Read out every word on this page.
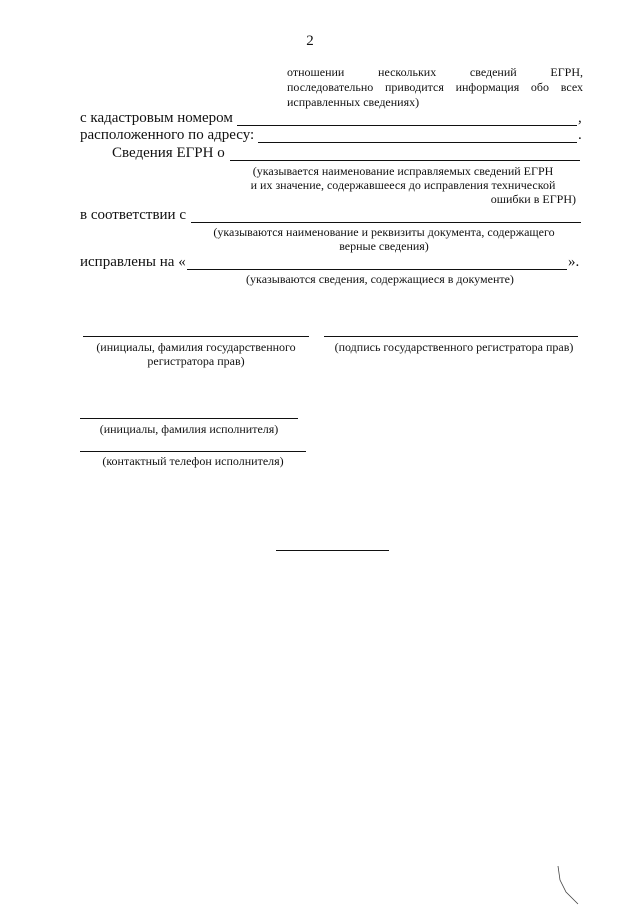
2
отношении нескольких сведений ЕГРН,
последовательно приводится информация обо всех
исправленных сведениях)
с кадастровым номером	,
расположенного по адресу:	.
Сведения ЕГРН о
(указывается наименование исправляемых сведений ЕГРН
и их значение, содержавшееся до исправления технической
ошибки в ЕГРН)
в соответствии с
(указываются наименование и реквизиты документа, содержащего
верные сведения)
исправлены на «	».
(указываются сведения, содержащиеся в документе)
(инициалы, фамилия государственного
регистратора прав)
(подпись государственного регистратора прав)
(инициалы, фамилия исполнителя)
(контактный телефон исполнителя)
